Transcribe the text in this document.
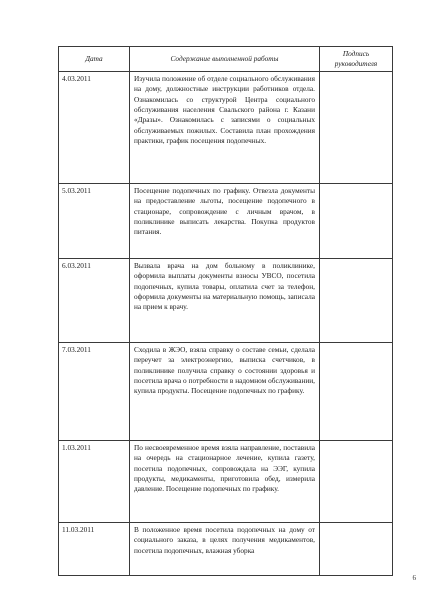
Дата	Содержание выполненной работы	Подпись руководителя
4.03.2011	Изучила положение об отделе социального обслуживания на дому, должностные инструкции работников отдела. Ознакомилась со структурой Центра социального обслуживания населения Свальского района г. Казани «Дразы». Ознакомилась с записями о социальных обслуживаемых пожилых. Составила план прохождения практики, график посещения подопечных.	
5.03.2011	Посещение подопечных по графику. Отвезла документы на предоставление льготы, посещение подопечного в стационаре, сопровождение с личным врачом, в поликлинике выписать лекарства. Покупка продуктов питания.	
6.03.2011	Вызвала врача на дом больному в поликлинике, оформила выплаты документы взносы УВСО, посетила подопечных, купила товары, оплатила счет за телефон, оформила документы на материальную помощь, записала на прием к врачу.	
7.03.2011	Сходила в ЖЭО, взяла справку о составе семьи, сделала переучет за электроэнергию, выписка счетчиков, в поликлинике получила справку о состоянии здоровья и посетила врача о потребности в надомном обслуживании, купила продукты. Посещение подопечных по графику.	
1.03.2011	По несвоевременное время взяла направление, поставила на очередь на стационарное лечение, купила газету, посетила подопечных, сопровождала на ЭЭГ, купила продукты, медикаменты, приготовила обед, измерила давление. Посещение подопечных по графику.	
11.03.2011	В положенное время посетила подопечных на дому от социального заказа, в целях получения медикаментов, посетила подопечных, влажная уборка	
6
